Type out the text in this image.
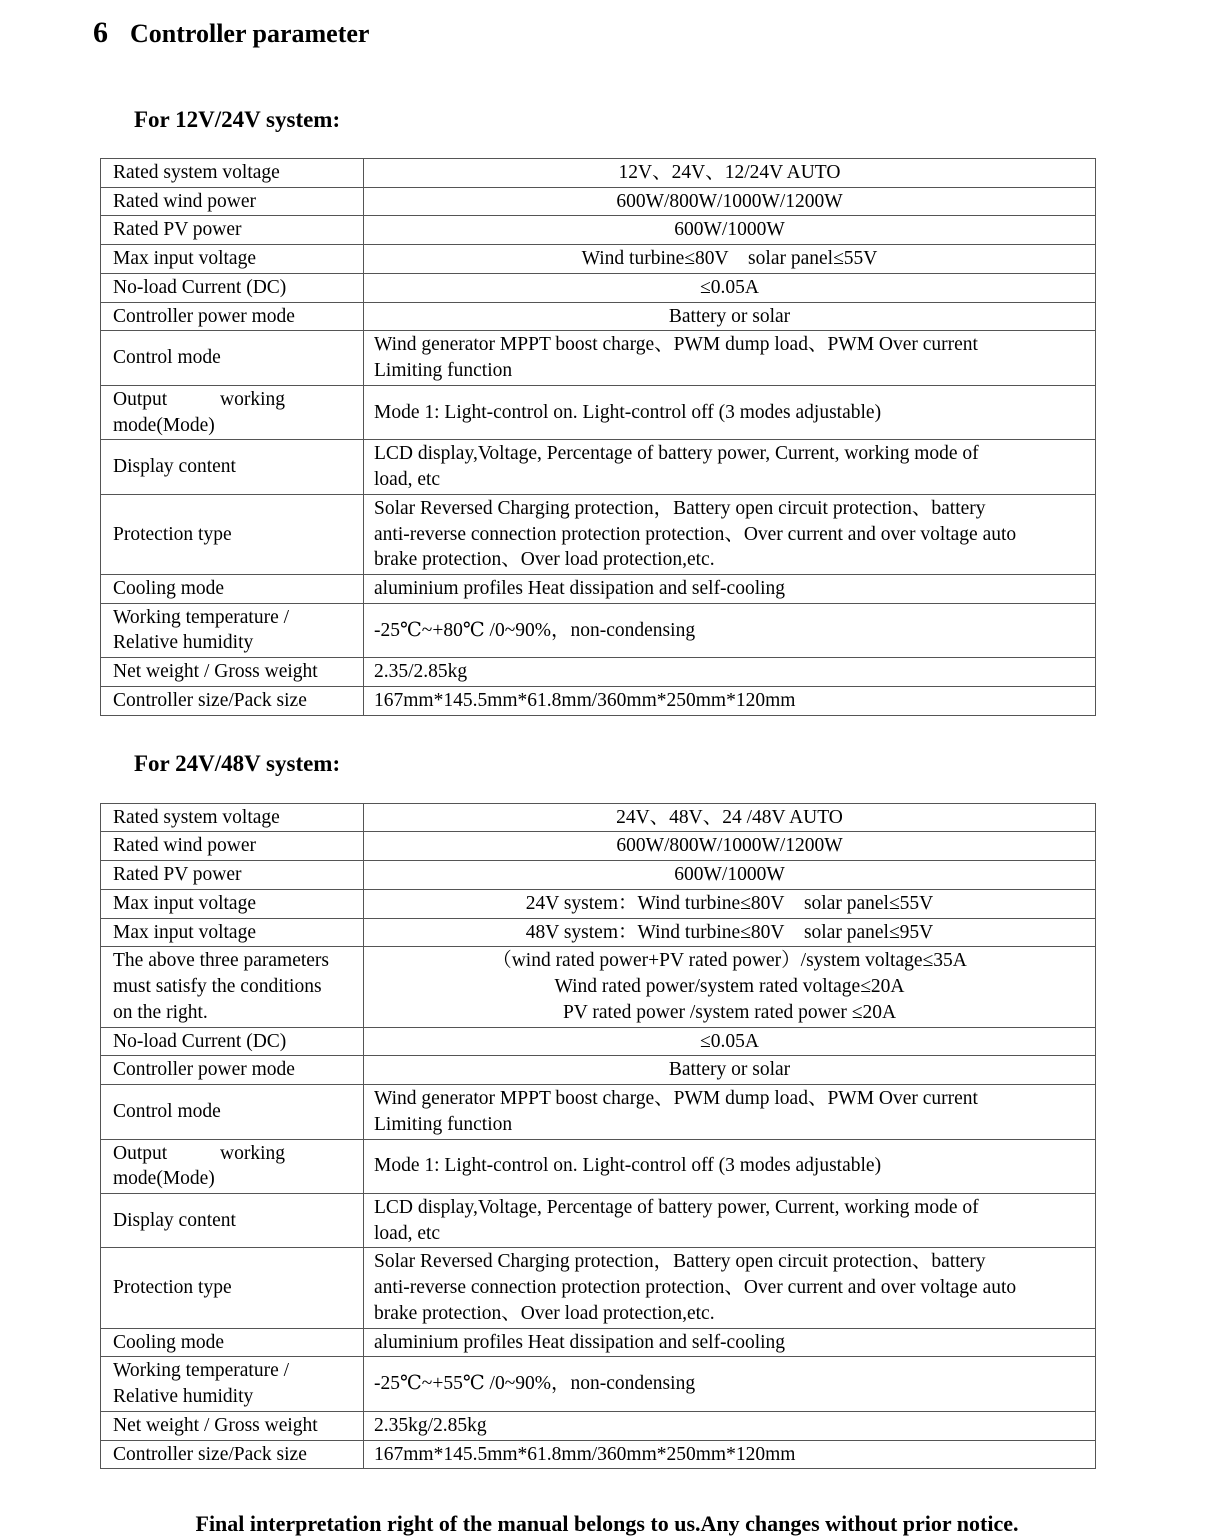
6 Controller parameter
For 12V/24V system:
Rated system voltage	12V、24V、12/24V AUTO

Rated wind power	600W/800W/1000W/1200W

Rated PV power	600W/1000W

Max input voltage	Wind turbine≤80V    solar panel≤55V

No-load Current (DC)	≤0.05A

Controller power mode	Battery or solar

Control mode	Wind generator MPPT boost charge、PWM dump load、PWM Over current
Limiting function

Output working
mode(Mode)	Mode 1: Light-control on. Light-control off (3 modes adjustable)

Display content	LCD display,Voltage, Percentage of battery power, Current, working mode of
load, etc

Protection type	Solar Reversed Charging protection，Battery open circuit protection、battery
anti-reverse connection protection protection、Over current and over voltage auto
brake protection、Over load protection,etc.

Cooling mode	aluminium profiles Heat dissipation and self-cooling

Working temperature /
Relative humidity	-25℃~+80℃ /0~90%，non-condensing

Net weight / Gross weight	2.35/2.85kg

Controller size/Pack size	167mm*145.5mm*61.8mm/360mm*250mm*120mm
For 24V/48V system:
Rated system voltage	24V、48V、24 /48V AUTO

Rated wind power	600W/800W/1000W/1200W

Rated PV power	600W/1000W

Max input voltage	24V system：Wind turbine≤80V    solar panel≤55V

Max input voltage	48V system：Wind turbine≤80V    solar panel≤95V

The above three parameters
must satisfy the conditions
on the right.	（wind rated power+PV rated power）/system voltage≤35A
Wind rated power/system rated voltage≤20A
PV rated power /system rated power ≤20A

No-load Current (DC)	≤0.05A

Controller power mode	Battery or solar

Control mode	Wind generator MPPT boost charge、PWM dump load、PWM Over current
Limiting function

Output working
mode(Mode)	Mode 1: Light-control on. Light-control off (3 modes adjustable)

Display content	LCD display,Voltage, Percentage of battery power, Current, working mode of
load, etc

Protection type	Solar Reversed Charging protection，Battery open circuit protection、battery
anti-reverse connection protection protection、Over current and over voltage auto
brake protection、Over load protection,etc.

Cooling mode	aluminium profiles Heat dissipation and self-cooling

Working temperature /
Relative humidity	-25℃~+55℃ /0~90%，non-condensing

Net weight / Gross weight	2.35kg/2.85kg

Controller size/Pack size	167mm*145.5mm*61.8mm/360mm*250mm*120mm
Final interpretation right of the manual belongs to us.Any changes without prior notice.
